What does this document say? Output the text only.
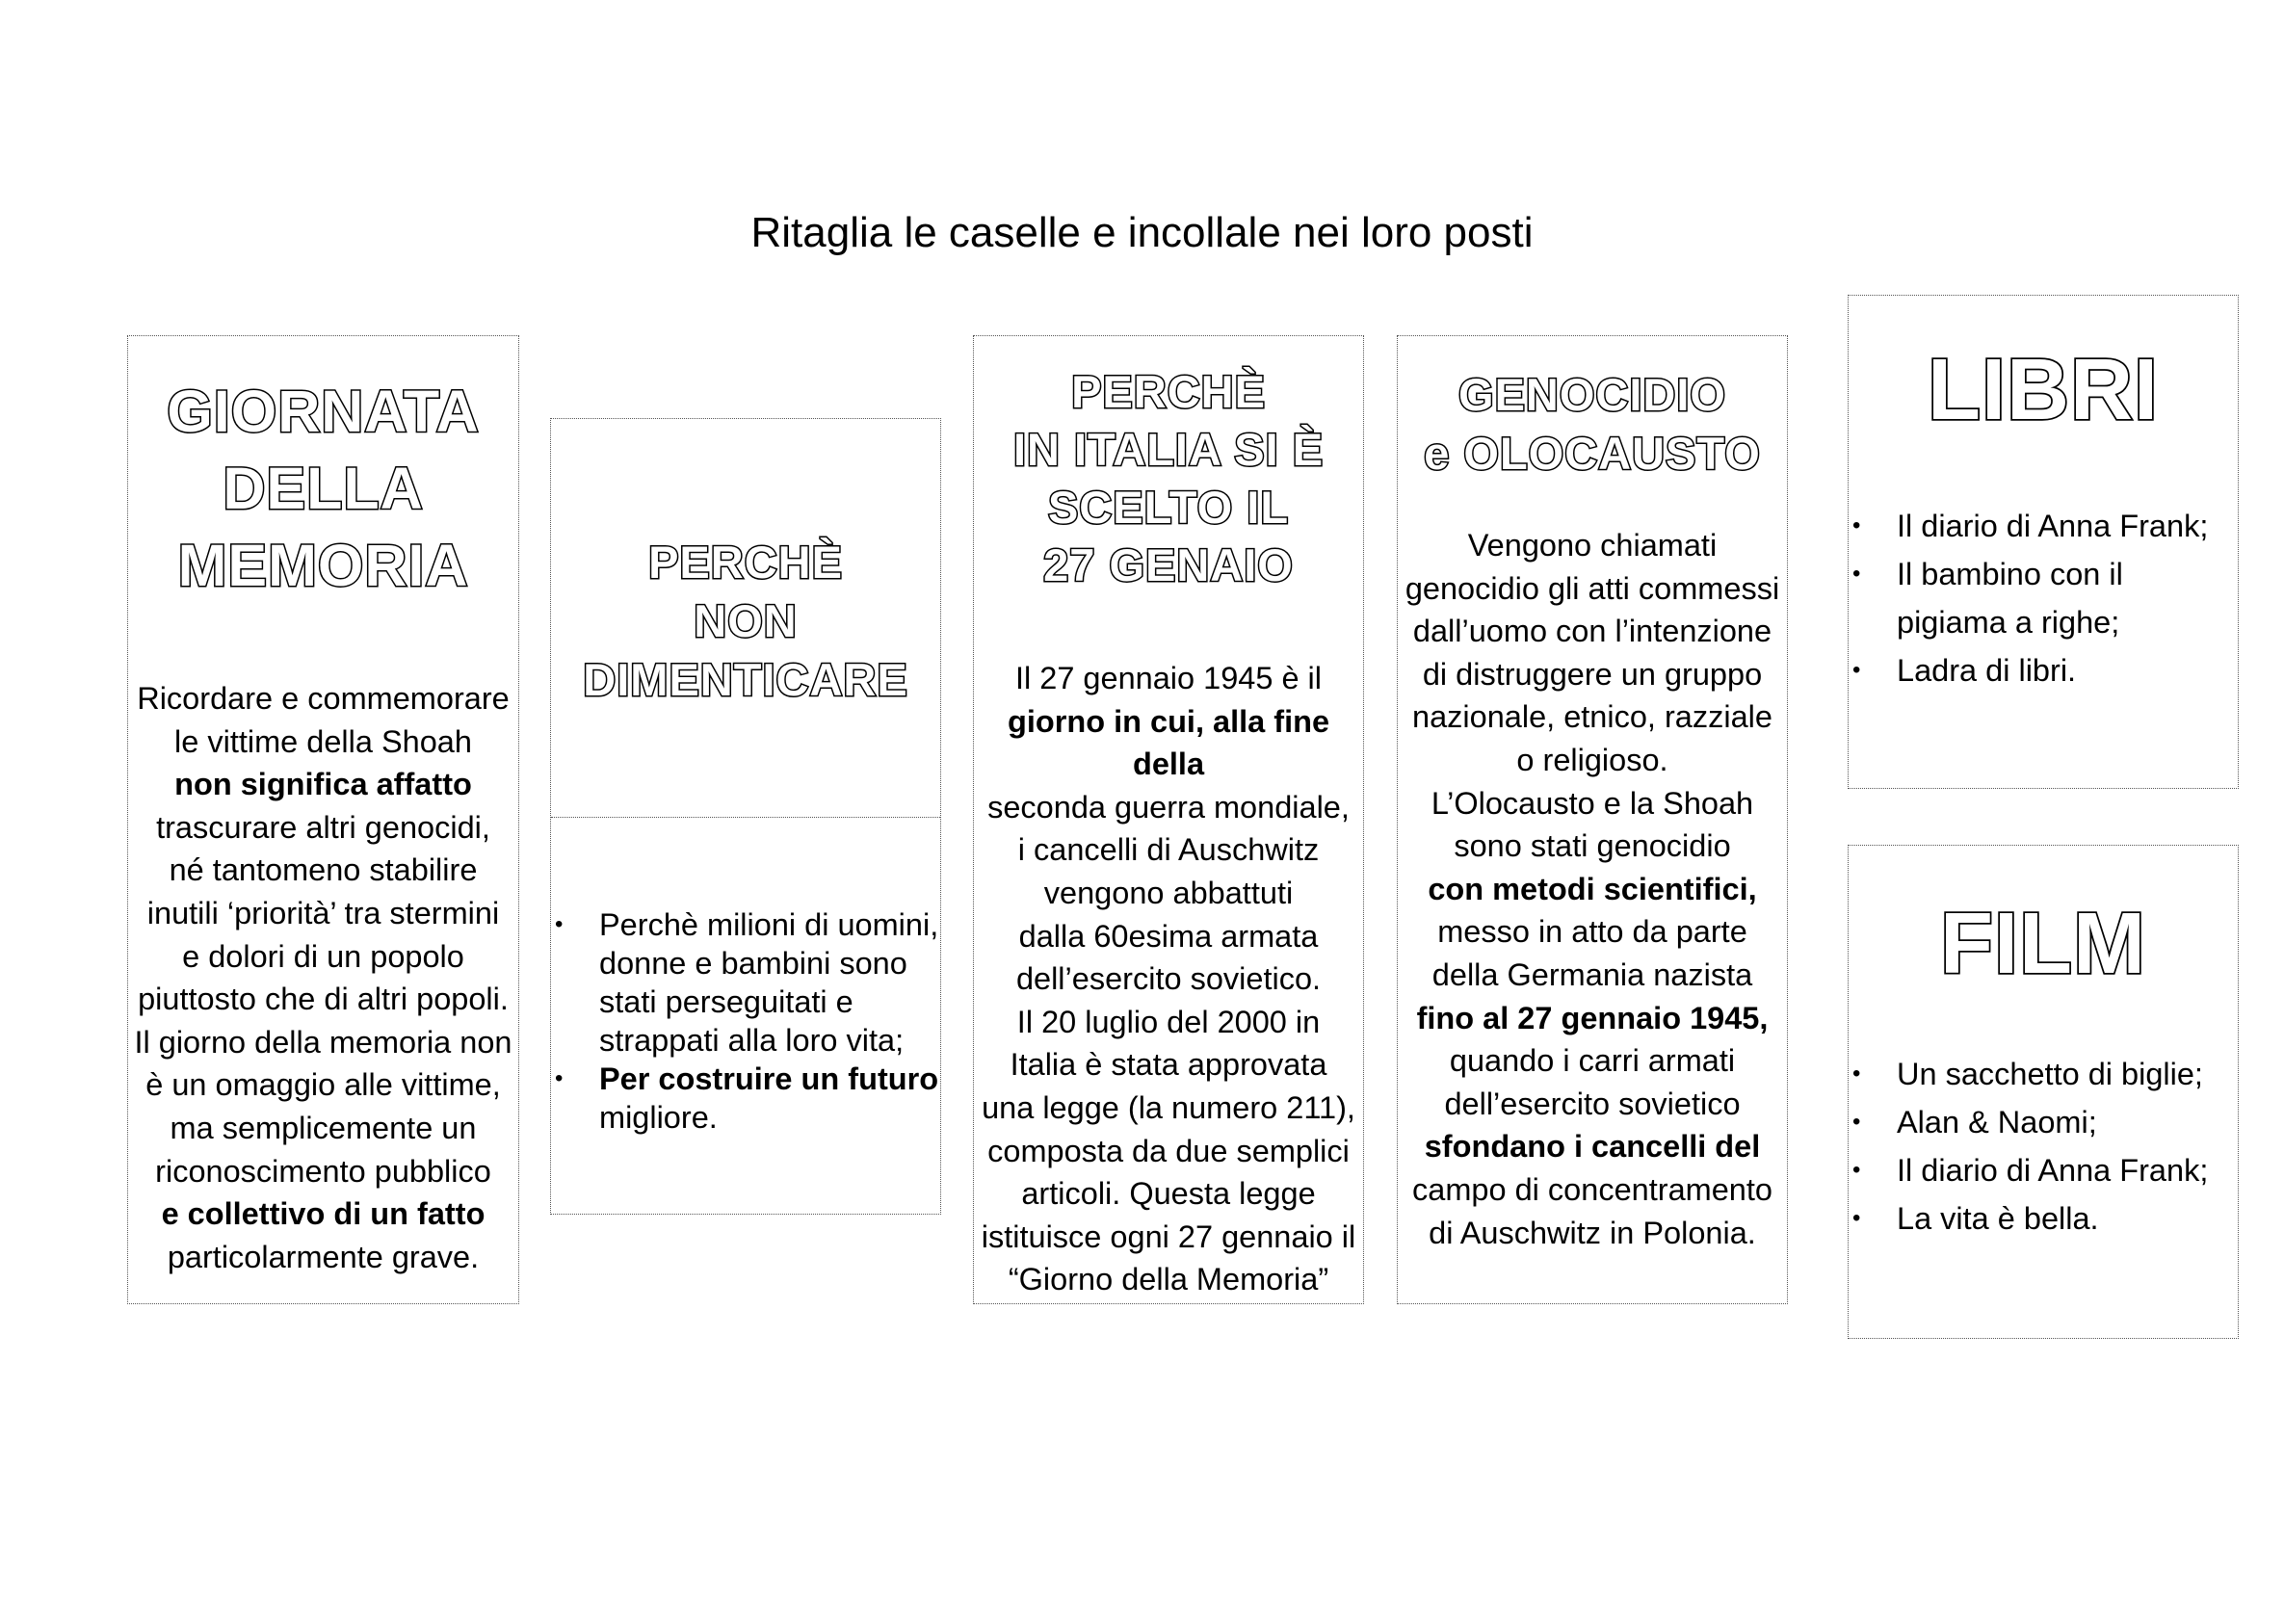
Ritaglia le caselle e incollale nei loro posti
GIORNATA
DELLA
MEMORIA

Ricordare e commemorare

le vittime della Shoah

non significa affatto

trascurare altri genocidi,

né tantomeno stabilire

inutili ‘priorità’ tra stermini

e dolori di un popolo

piuttosto che di altri popoli.

Il giorno della memoria non

è un omaggio alle vittime,

ma semplicemente un

riconoscimento pubblico

e collettivo di un fatto

particolarmente grave.

PERCHÈ
NON
DIMENTICARE
• Perchè milioni di uomini,
donne e bambini sono
stati perseguitati e
strappati alla loro vita;
• Per costruire un futuro
migliore.
PERCHÈ
IN ITALIA SI È
SCELTO IL
27 GENAIO

Il 27 gennaio 1945 è il

giorno in cui, alla fine della

seconda guerra mondiale,

i cancelli di Auschwitz

vengono abbattuti

dalla 60esima armata

dell’esercito sovietico.

Il 20 luglio del 2000 in

Italia è stata approvata

una legge (la numero 211),

composta da due semplici

articoli. Questa legge

istituisce ogni 27 gennaio il

“Giorno della Memoria”

GENOCIDIO
e OLOCAUSTO

Vengono chiamati

genocidio gli atti commessi

dall’uomo con l’intenzione

di distruggere un gruppo

nazionale, etnico, razziale

o religioso.

L’Olocausto e la Shoah

sono stati genocidio

con metodi scientifici,

messo in atto da parte

della Germania nazista

fino al 27 gennaio 1945,

quando i carri armati

dell’esercito sovietico

sfondano i cancelli del

campo di concentramento

di Auschwitz in Polonia.

LIBRI
• Il diario di Anna Frank;
• Il bambino con il
pigiama a righe;
• Ladra di libri.
FILM
• Un sacchetto di biglie;
• Alan & Naomi;
• Il diario di Anna Frank;
• La vita è bella.
